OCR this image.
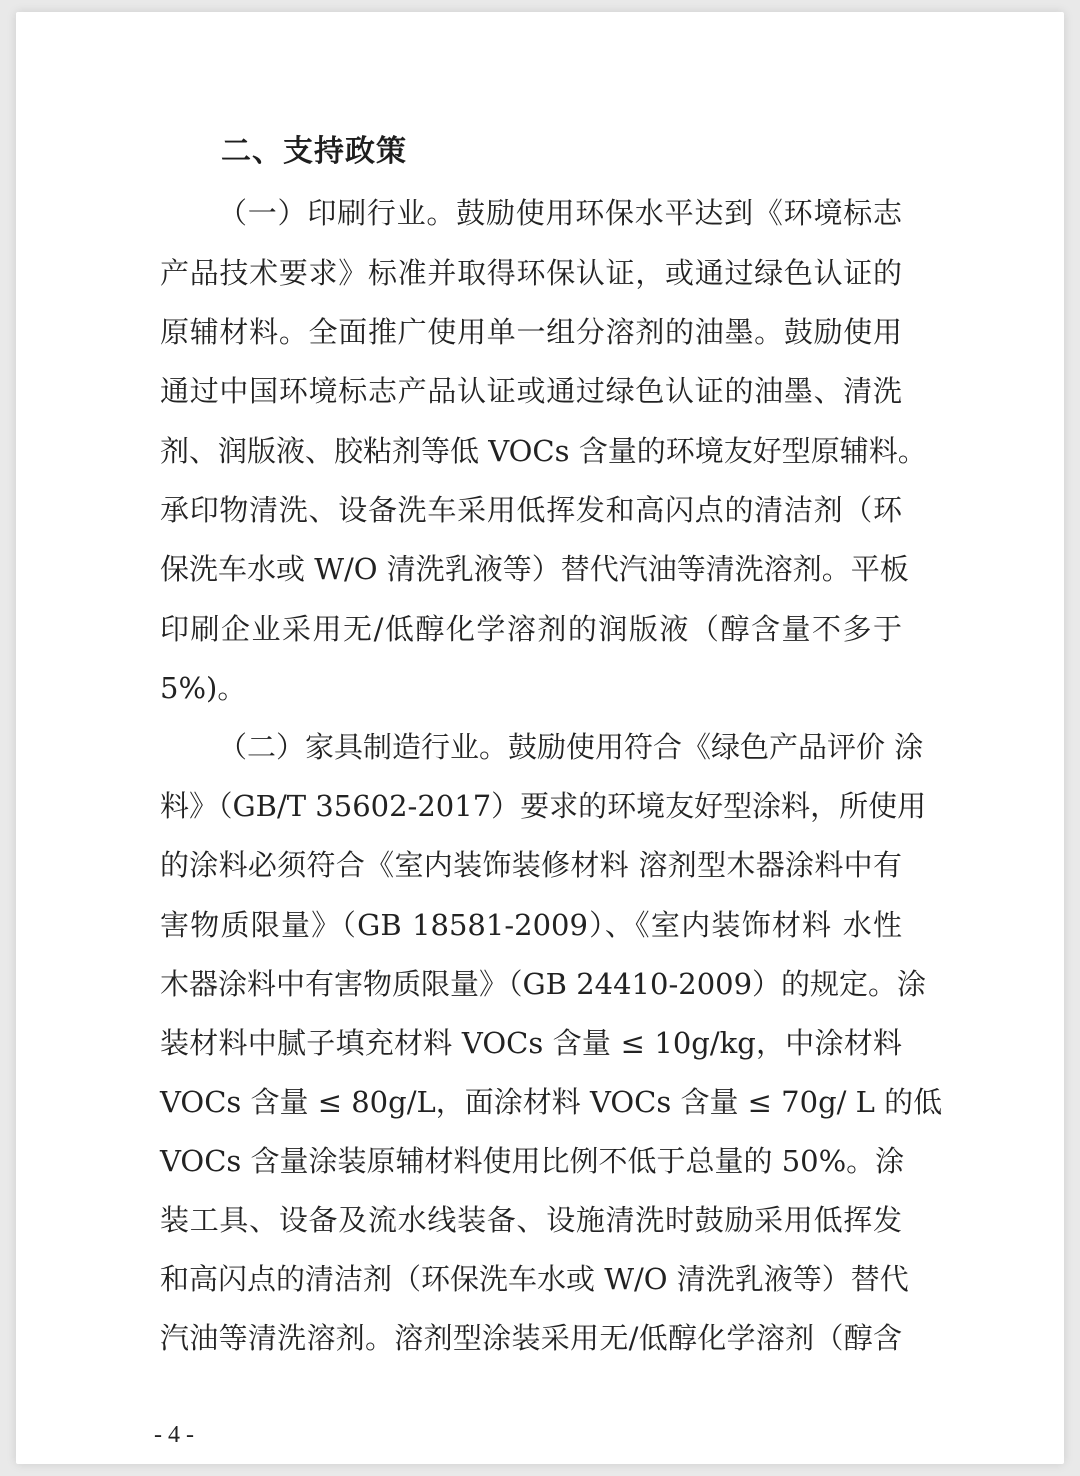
二、支持政策

（一）印刷行业。鼓励使用环保水平达到《环境标志

产品技术要求》标准并取得环保认证，或通过绿色认证的

原辅材料。全面推广使用单一组分溶剂的油墨。鼓励使用

通过中国环境标志产品认证或通过绿色认证的油墨、清洗

剂、润版液、胶粘剂等低 VOCs 含量的环境友好型原辅料。

承印物清洗、设备洗车采用低挥发和高闪点的清洁剂（环

保洗车水或 W/O 清洗乳液等）替代汽油等清洗溶剂。平板

印刷企业采用无/低醇化学溶剂的润版液（醇含量不多于

5%)。

（二）家具制造行业。鼓励使用符合《绿色产品评价 涂

料》（GB/T 35602-2017）要求的环境友好型涂料，所使用

的涂料必须符合《室内装饰装修材料 溶剂型木器涂料中有

害物质限量》（GB 18581-2009）、《室内装饰材料 水性

木器涂料中有害物质限量》（GB 24410-2009）的规定。涂

装材料中腻子填充材料 VOCs 含量 ≤ 10g/kg，中涂材料

VOCs 含量 ≤ 80g/L，面涂材料 VOCs 含量 ≤ 70g/ L 的低

VOCs 含量涂装原辅材料使用比例不低于总量的 50%。涂

装工具、设备及流水线装备、设施清洗时鼓励采用低挥发

和高闪点的清洁剂（环保洗车水或 W/O 清洗乳液等）替代

汽油等清洗溶剂。溶剂型涂装采用无/低醇化学溶剂（醇含

- 4 -
